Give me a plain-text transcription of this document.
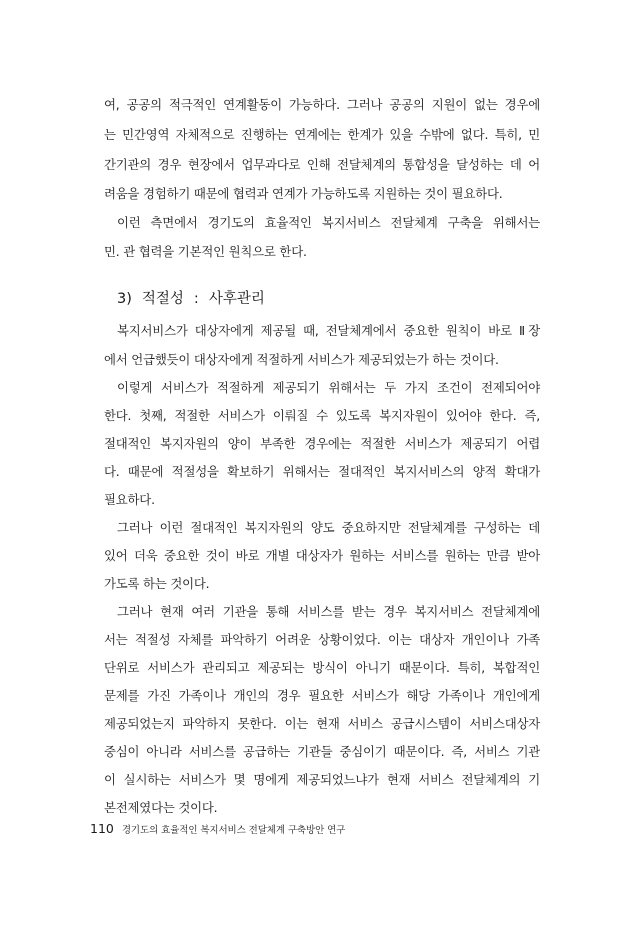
여, 공공의 적극적인 연계활동이 가능하다. 그러나 공공의 지원이 없는 경우에
는 민간영역 자체적으로 진행하는 연계에는 한계가 있을 수밖에 없다. 특히, 민
간기관의 경우 현장에서 업무과다로 인해 전달체계의 통합성을 달성하는 데 어
려움을 경험하기 때문에 협력과 연계가 가능하도록 지원하는 것이 필요하다.
이런 측면에서 경기도의 효율적인 복지서비스 전달체계 구축을 위해서는
민. 관 협력을 기본적인 원칙으로 한다.
3) 적절성 : 사후관리
복지서비스가 대상자에게 제공될 때, 전달체계에서 중요한 원칙이 바로 Ⅱ장
에서 언급했듯이 대상자에게 적절하게 서비스가 제공되었는가 하는 것이다.
이렇게 서비스가 적절하게 제공되기 위해서는 두 가지 조건이 전제되어야
한다. 첫째, 적절한 서비스가 이뤄질 수 있도록 복지자원이 있어야 한다. 즉,
절대적인 복지자원의 양이 부족한 경우에는 적절한 서비스가 제공되기 어렵
다. 때문에 적절성을 확보하기 위해서는 절대적인 복지서비스의 양적 확대가
필요하다.
그러나 이런 절대적인 복지자원의 양도 중요하지만 전달체계를 구성하는 데
있어 더욱 중요한 것이 바로 개별 대상자가 원하는 서비스를 원하는 만큼 받아
가도록 하는 것이다.
그러나 현재 여러 기관을 통해 서비스를 받는 경우 복지서비스 전달체계에
서는 적절성 자체를 파악하기 어려운 상황이었다. 이는 대상자 개인이나 가족
단위로 서비스가 관리되고 제공되는 방식이 아니기 때문이다. 특히, 복합적인
문제를 가진 가족이나 개인의 경우 필요한 서비스가 해당 가족이나 개인에게
제공되었는지 파악하지 못한다. 이는 현재 서비스 공급시스템이 서비스대상자
중심이 아니라 서비스를 공급하는 기관들 중심이기 때문이다. 즉, 서비스 기관
이 실시하는 서비스가 몇 명에게 제공되었느냐가 현재 서비스 전달체계의 기
본전제였다는 것이다.
110 경기도의 효율적인 복지서비스 전달체계 구축방안 연구
